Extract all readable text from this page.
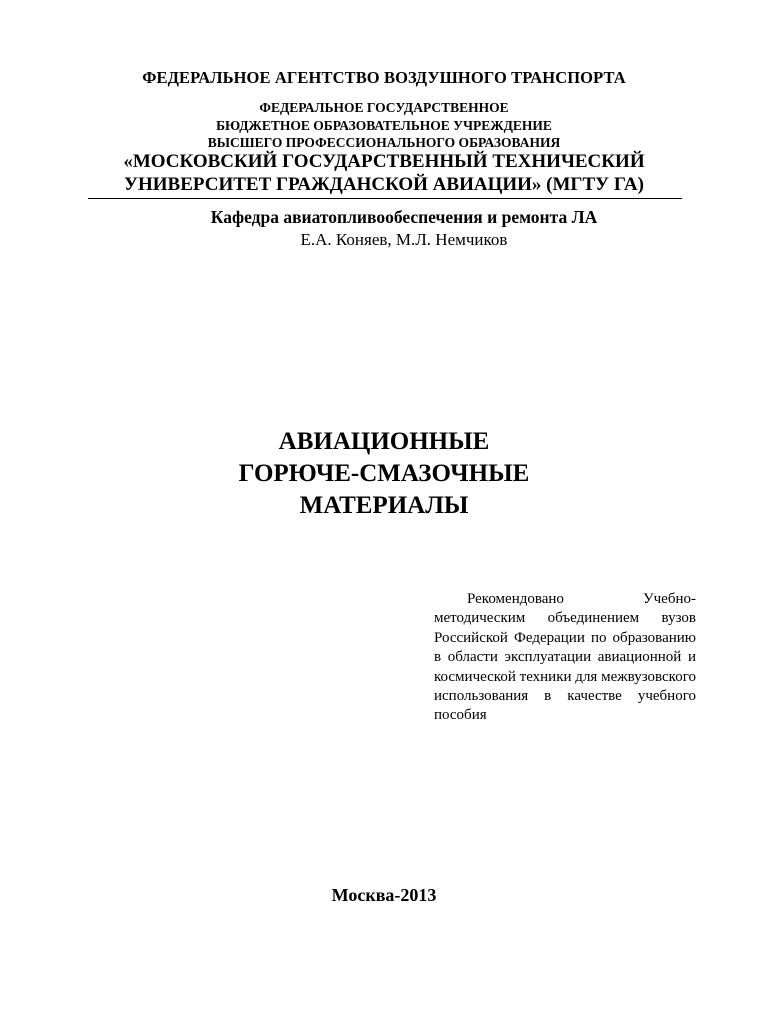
ФЕДЕРАЛЬНОЕ АГЕНТСТВО ВОЗДУШНОГО ТРАНСПОРТА
ФЕДЕРАЛЬНОЕ ГОСУДАРСТВЕННОЕ
БЮДЖЕТНОЕ ОБРАЗОВАТЕЛЬНОЕ УЧРЕЖДЕНИЕ
ВЫСШЕГО ПРОФЕССИОНАЛЬНОГО ОБРАЗОВАНИЯ
«МОСКОВСКИЙ ГОСУДАРСТВЕННЫЙ ТЕХНИЧЕСКИЙ
УНИВЕРСИТЕТ ГРАЖДАНСКОЙ АВИАЦИИ» (МГТУ ГА)
Кафедра авиатопливообеспечения и ремонта ЛА
Е.А. Коняев, М.Л. Немчиков
АВИАЦИОННЫЕ
ГОРЮЧЕ-СМАЗОЧНЫЕ
МАТЕРИАЛЫ
Рекомендовано Учебно-методическим объединением вузов Российской Федерации по образованию в области эксплуатации авиационной и космической техники для межвузовского использования в качестве учебного пособия
Москва-2013
